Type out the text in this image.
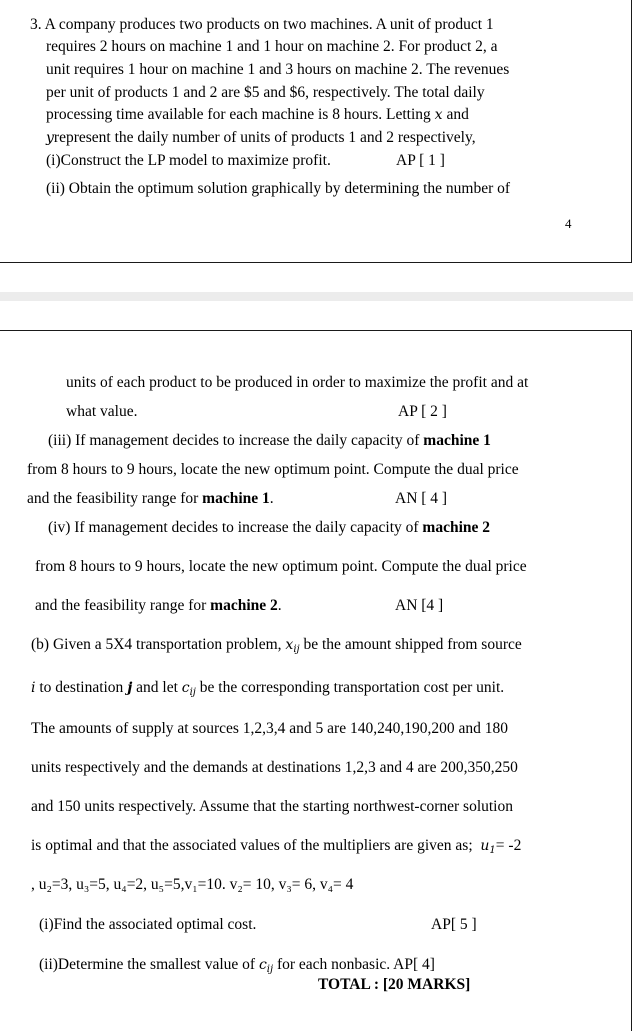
3. A company produces two products on two machines. A unit of product 1
requires 2 hours on machine 1 and 1 hour on machine 2. For product 2, a
unit requires 1 hour on machine 1 and 3 hours on machine 2. The revenues
per unit of products 1 and 2 are $5 and $6, respectively. The total daily
processing time available for each machine is 8 hours. Letting x and
yrepresent the daily number of units of products 1 and 2 respectively,
(i)Construct the LP model to maximize profit.	AP [ 1 ]
(ii) Obtain the optimum solution graphically by determining the number of
4
units of each product to be produced in order to maximize the profit and at
what value.	AP [ 2 ]
(iii) If management decides to increase the daily capacity of machine 1
from 8 hours to 9 hours, locate the new optimum point. Compute the dual price
and the feasibility range for machine 1.	AN [ 4 ]
(iv) If management decides to increase the daily capacity of machine 2
from 8 hours to 9 hours, locate the new optimum point. Compute the dual price
and the feasibility range for machine 2.	AN [4 ]
(b) Given a 5X4 transportation problem, $x_{ij}$ be the amount shipped from source
i to destination j and let $c_{ij}$ be the corresponding transportation cost per unit.
The amounts of supply at sources 1,2,3,4 and 5 are 140,240,190,200 and 180
units respectively and the demands at destinations 1,2,3 and 4 are 200,350,250
and 150 units respectively. Assume that the starting northwest-corner solution
is optimal and that the associated values of the multipliers are given as; $u_1= -2$
, u₂=3, u₃=5, u₄=2, u₅=5,v₁=10. v₂= 10, v₃= 6, v₄= 4
(i)Find the associated optimal cost.	AP[ 5 ]
(ii)Determine the smallest value of $c_{ij}$ for each nonbasic. AP[ 4]
TOTAL : [20 MARKS]
